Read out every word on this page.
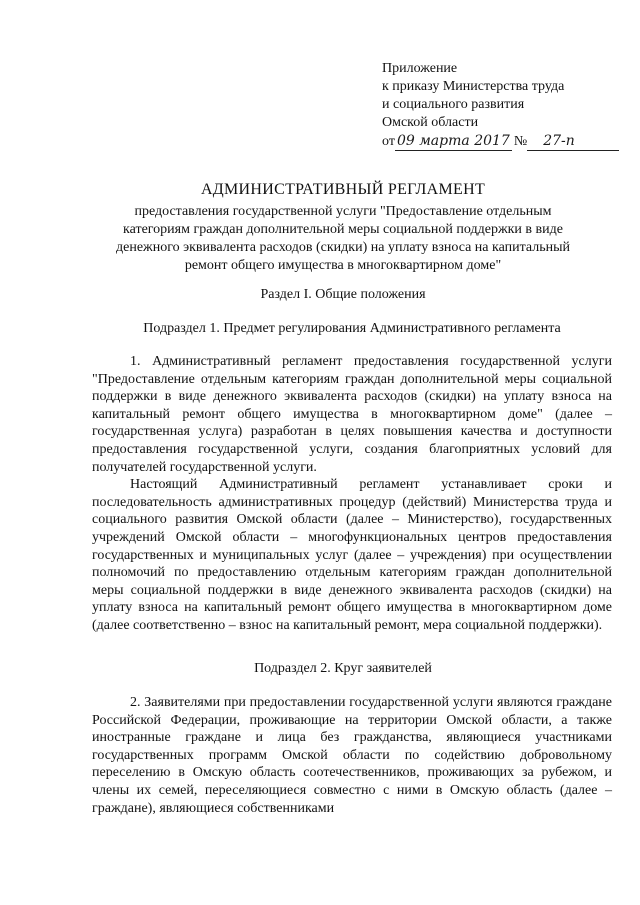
Приложение
к приказу Министерства труда
и социального развития
Омской области
от 09 марта 2017 №	27-п
АДМИНИСТРАТИВНЫЙ РЕГЛАМЕНТ
предоставления государственной услуги "Предоставление отдельным
категориям граждан дополнительной меры социальной поддержки в виде
денежного эквивалента расходов (скидки) на уплату взноса на капитальный
ремонт общего имущества в многоквартирном доме"
Раздел I. Общие положения
Подраздел 1. Предмет регулирования Административного регламента

1. Административный регламент предоставления государственной услуги "Предоставление отдельным категориям граждан дополнительной меры социальной поддержки в виде денежного эквивалента расходов (скидки) на уплату взноса на капитальный ремонт общего имущества в многоквартирном доме" (далее – государственная услуга) разработан в целях повышения качества и доступности предоставления государственной услуги, создания благоприятных условий для получателей государственной услуги.

Настоящий Административный регламент устанавливает сроки и последовательность административных процедур (действий) Министерства труда и социального развития Омской области (далее – Министерство), государственных учреждений Омской области – многофункциональных центров предоставления государственных и муниципальных услуг (далее – учреждения) при осуществлении полномочий по предоставлению отдельным категориям граждан дополнительной меры социальной поддержки в виде денежного эквивалента расходов (скидки) на уплату взноса на капитальный ремонт общего имущества в многоквартирном доме (далее соответственно – взнос на капитальный ремонт, мера социальной поддержки).

Подраздел 2. Круг заявителей

2. Заявителями при предоставлении государственной услуги являются граждане Российской Федерации, проживающие на территории Омской области, а также иностранные граждане и лица без гражданства, являющиеся участниками государственных программ Омской области по содействию добровольному переселению в Омскую область соотечественников, проживающих за рубежом, и члены их семей, переселяющиеся совместно с ними в Омскую область (далее – граждане), являющиеся собственниками
